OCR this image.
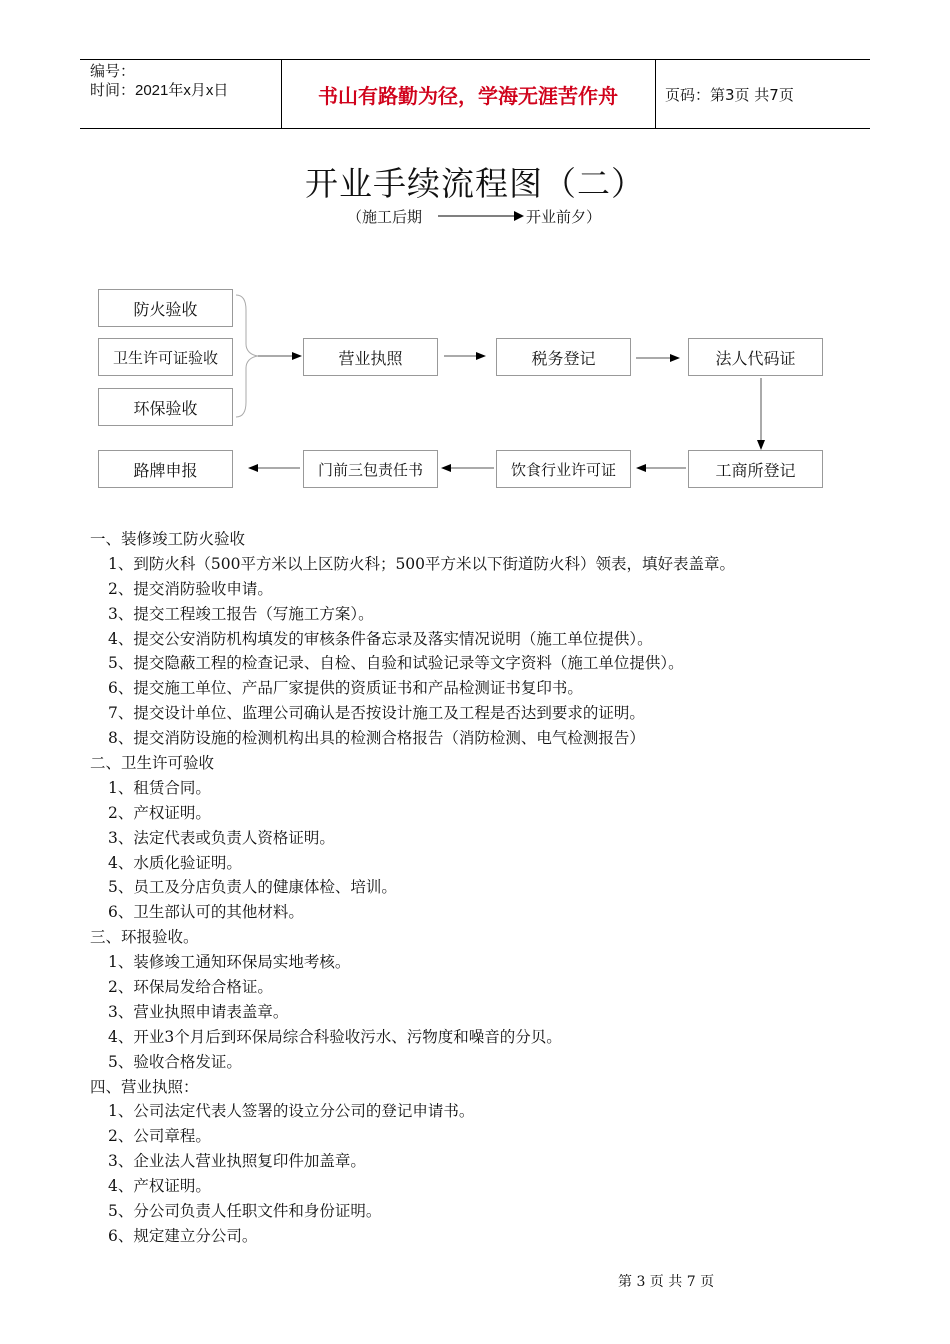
编号：
时间：2021年x月x日	书山有路勤为径，学海无涯苦作舟	页码：第3页 共7页
开业手续流程图（二）
（施工后期	开业前夕）
防火验收
卫生许可证验收
环保验收
营业执照	税务登记	法人代码证
工商所登记
饮食行业许可证
门前三包责任书
路牌申报
一、装修竣工防火验收
1、到防火科（500平方米以上区防火科；500平方米以下街道防火科）领表，填好表盖章。
2、提交消防验收申请。
3、提交工程竣工报告（写施工方案）。
4、提交公安消防机构填发的审核条件备忘录及落实情况说明（施工单位提供）。
5、提交隐蔽工程的检查记录、自检、自验和试验记录等文字资料（施工单位提供）。
6、提交施工单位、产品厂家提供的资质证书和产品检测证书复印书。
7、提交设计单位、监理公司确认是否按设计施工及工程是否达到要求的证明。
8、提交消防设施的检测机构出具的检测合格报告（消防检测、电气检测报告）
二、卫生许可验收
1、租赁合同。
2、产权证明。
3、法定代表或负责人资格证明。
4、水质化验证明。
5、员工及分店负责人的健康体检、培训。
6、卫生部认可的其他材料。
三、环报验收。
1、装修竣工通知环保局实地考核。
2、环保局发给合格证。
3、营业执照申请表盖章。
4、开业3个月后到环保局综合科验收污水、污物度和噪音的分贝。
5、验收合格发证。
四、营业执照：
1、公司法定代表人签署的设立分公司的登记申请书。
2、公司章程。
3、企业法人营业执照复印件加盖章。
4、产权证明。
5、分公司负责人任职文件和身份证明。
6、规定建立分公司。
第 3 页 共 7 页
